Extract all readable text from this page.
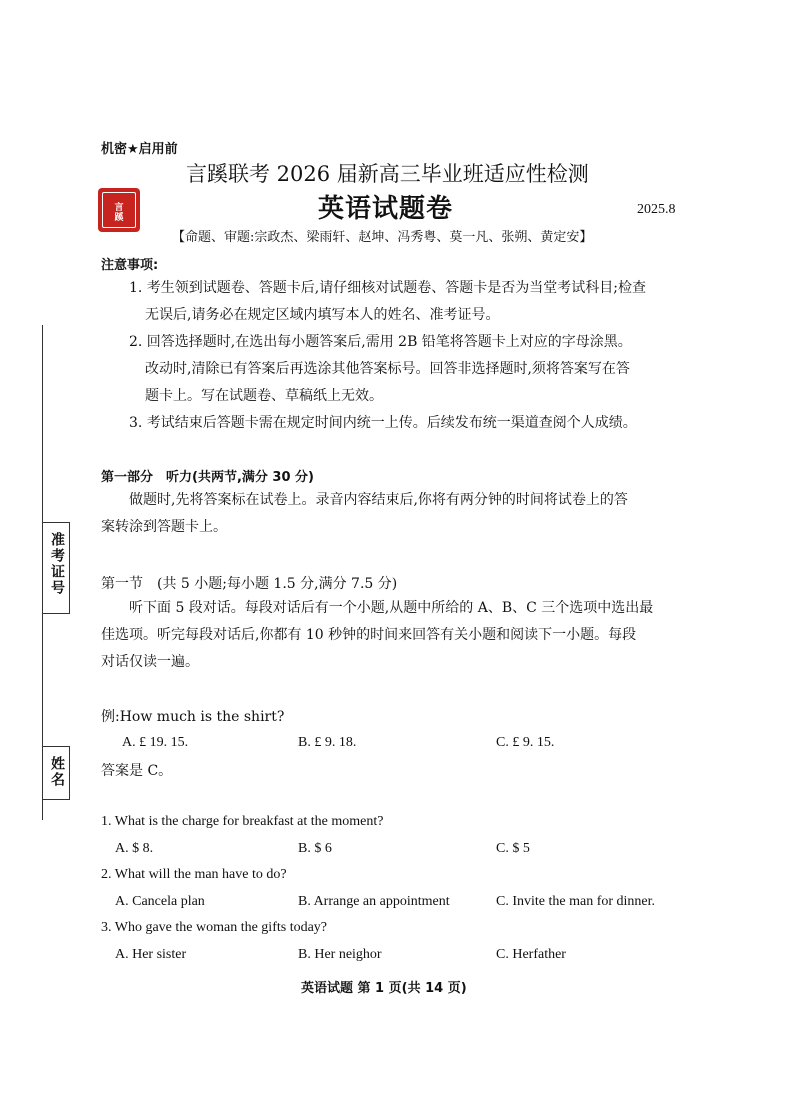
准考证号
姓名
机密★启用前
言蹊联考 2026 届新高三毕业班适应性检测

言
蹊	英语试题卷	2025.8
【命题、审题:宗政杰、梁雨轩、赵坤、冯秀粤、莫一凡、张朔、黄定安】
注意事项:
1. 考生领到试题卷、答题卡后,请仔细核对试题卷、答题卡是否为当堂考试科目;检查
无误后,请务必在规定区域内填写本人的姓名、准考证号。
2. 回答选择题时,在选出每小题答案后,需用 2B 铅笔将答题卡上对应的字母涂黑。
改动时,清除已有答案后再选涂其他答案标号。回答非选择题时,须将答案写在答
题卡上。写在试题卷、草稿纸上无效。
3. 考试结束后答题卡需在规定时间内统一上传。后续发布统一渠道查阅个人成绩。
第一部分　听力(共两节,满分 30 分)
做题时,先将答案标在试卷上。录音内容结束后,你将有两分钟的时间将试卷上的答
案转涂到答题卡上。
第一节　(共 5 小题;每小题 1.5 分,满分 7.5 分)
听下面 5 段对话。每段对话后有一个小题,从题中所给的 A、B、C 三个选项中选出最
佳选项。听完每段对话后,你都有 10 秒钟的时间来回答有关小题和阅读下一小题。每段
对话仅读一遍。
例:How much is the shirt?
A. £ 19. 15.	B. £ 9. 18.	C. £ 9. 15.
答案是 C。
1. What is the charge for breakfast at the moment?
A. $ 8.	B. $ 6	C. $ 5
2. What will the man have to do?
A. Cancela plan	B. Arrange an appointment	C. Invite the man for dinner.
3. Who gave the woman the gifts today?
A. Her sister	B. Her neighor	C. Herfather
英语试题 第 1 页(共 14 页)
